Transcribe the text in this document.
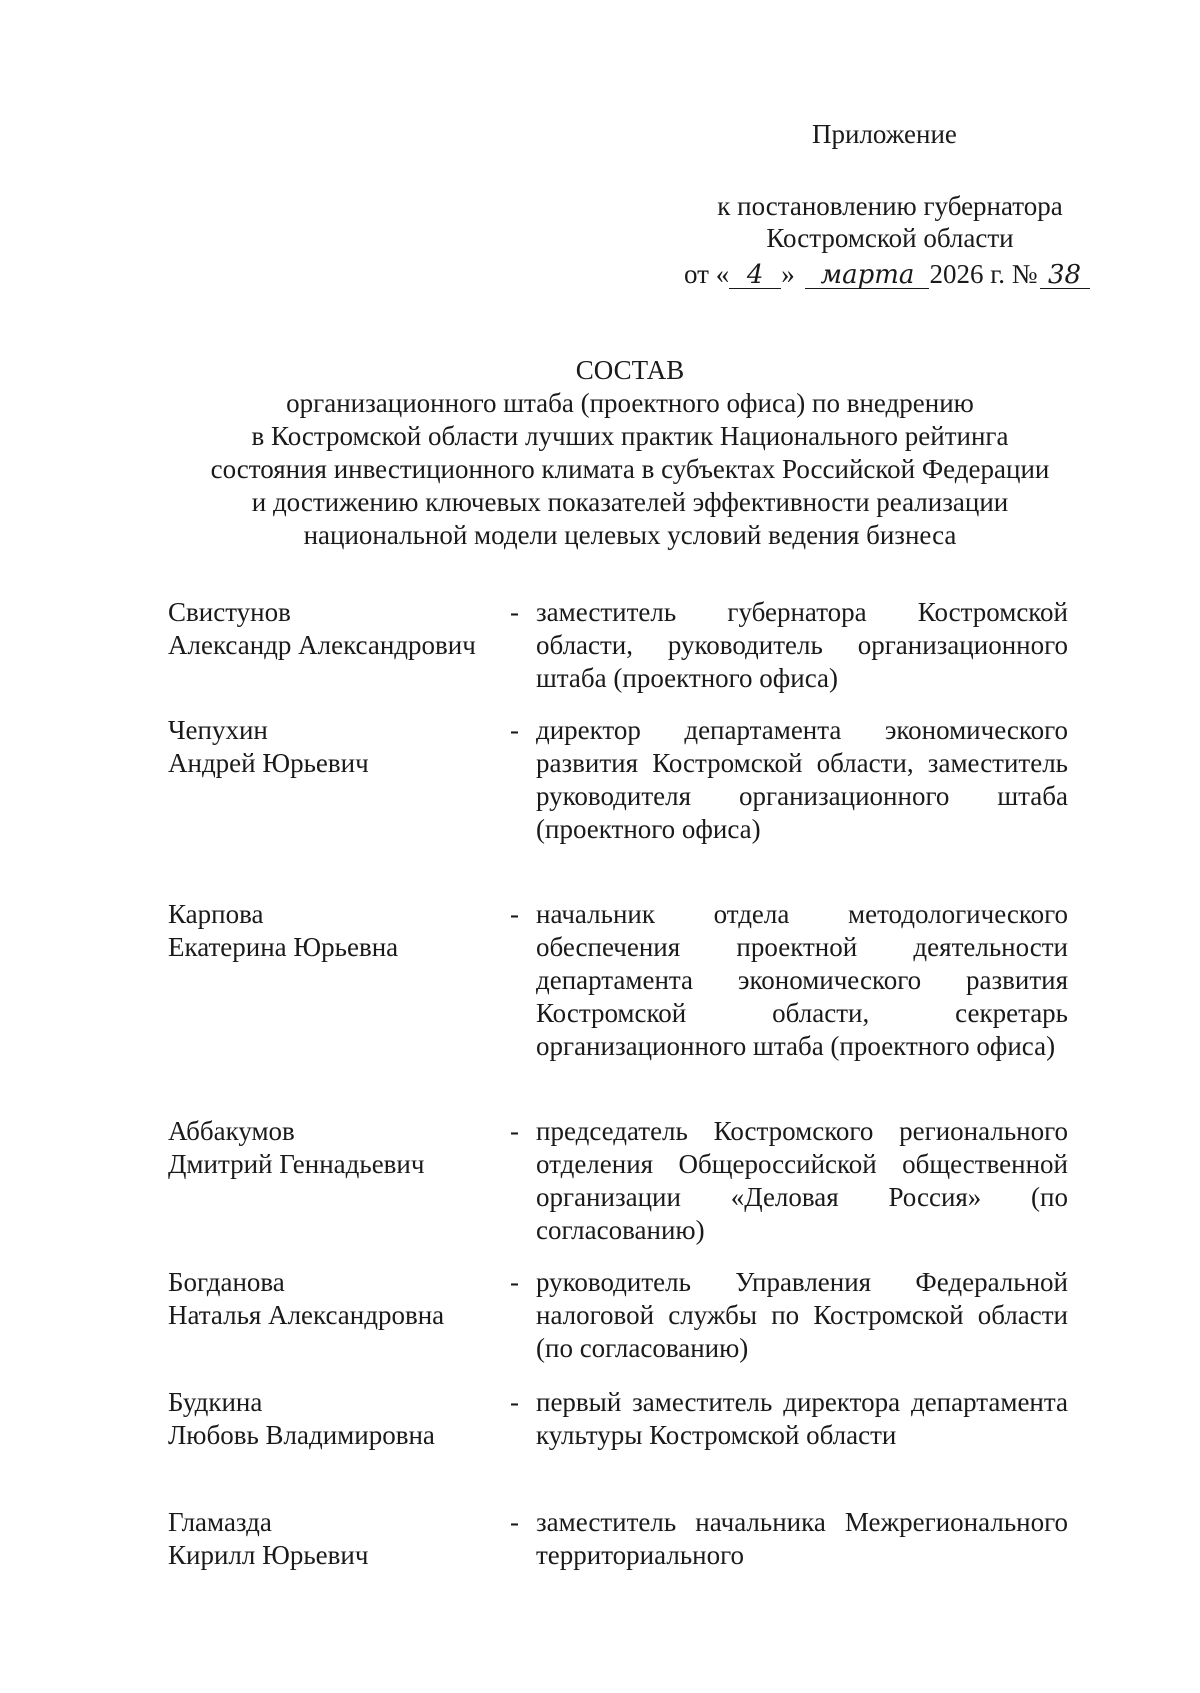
Приложение
к постановлению губернатора
Костромской области
от « 4 » марта 2026 г. № 38
СОСТАВ
организационного штаба (проектного офиса) по внедрению
в Костромской области лучших практик Национального рейтинга
состояния инвестиционного климата в субъектах Российской Федерации
и достижению ключевых показателей эффективности реализации
национальной модели целевых условий ведения бизнеса
Свистунов
Александр Александрович
- заместитель губернатора Костромской области, руководитель организационного штаба (проектного офиса)
Чепухин
Андрей Юрьевич
- директор департамента экономического развития Костромской области, заместитель руководителя организационного штаба (проектного офиса)
Карпова
Екатерина Юрьевна
- начальник отдела методологического обеспечения проектной деятельности департамента экономического развития Костромской области, секретарь организационного штаба (проектного офиса)
Аббакумов
Дмитрий Геннадьевич
- председатель Костромского регионального отделения Общероссийской общественной организации «Деловая Россия» (по согласованию)
Богданова
Наталья Александровна
- руководитель Управления Федеральной налоговой службы по Костромской области (по согласованию)
Будкина
Любовь Владимировна
- первый заместитель директора департамента культуры Костромской области
Гламазда
Кирилл Юрьевич
- заместитель начальника Межрегионального территориального
